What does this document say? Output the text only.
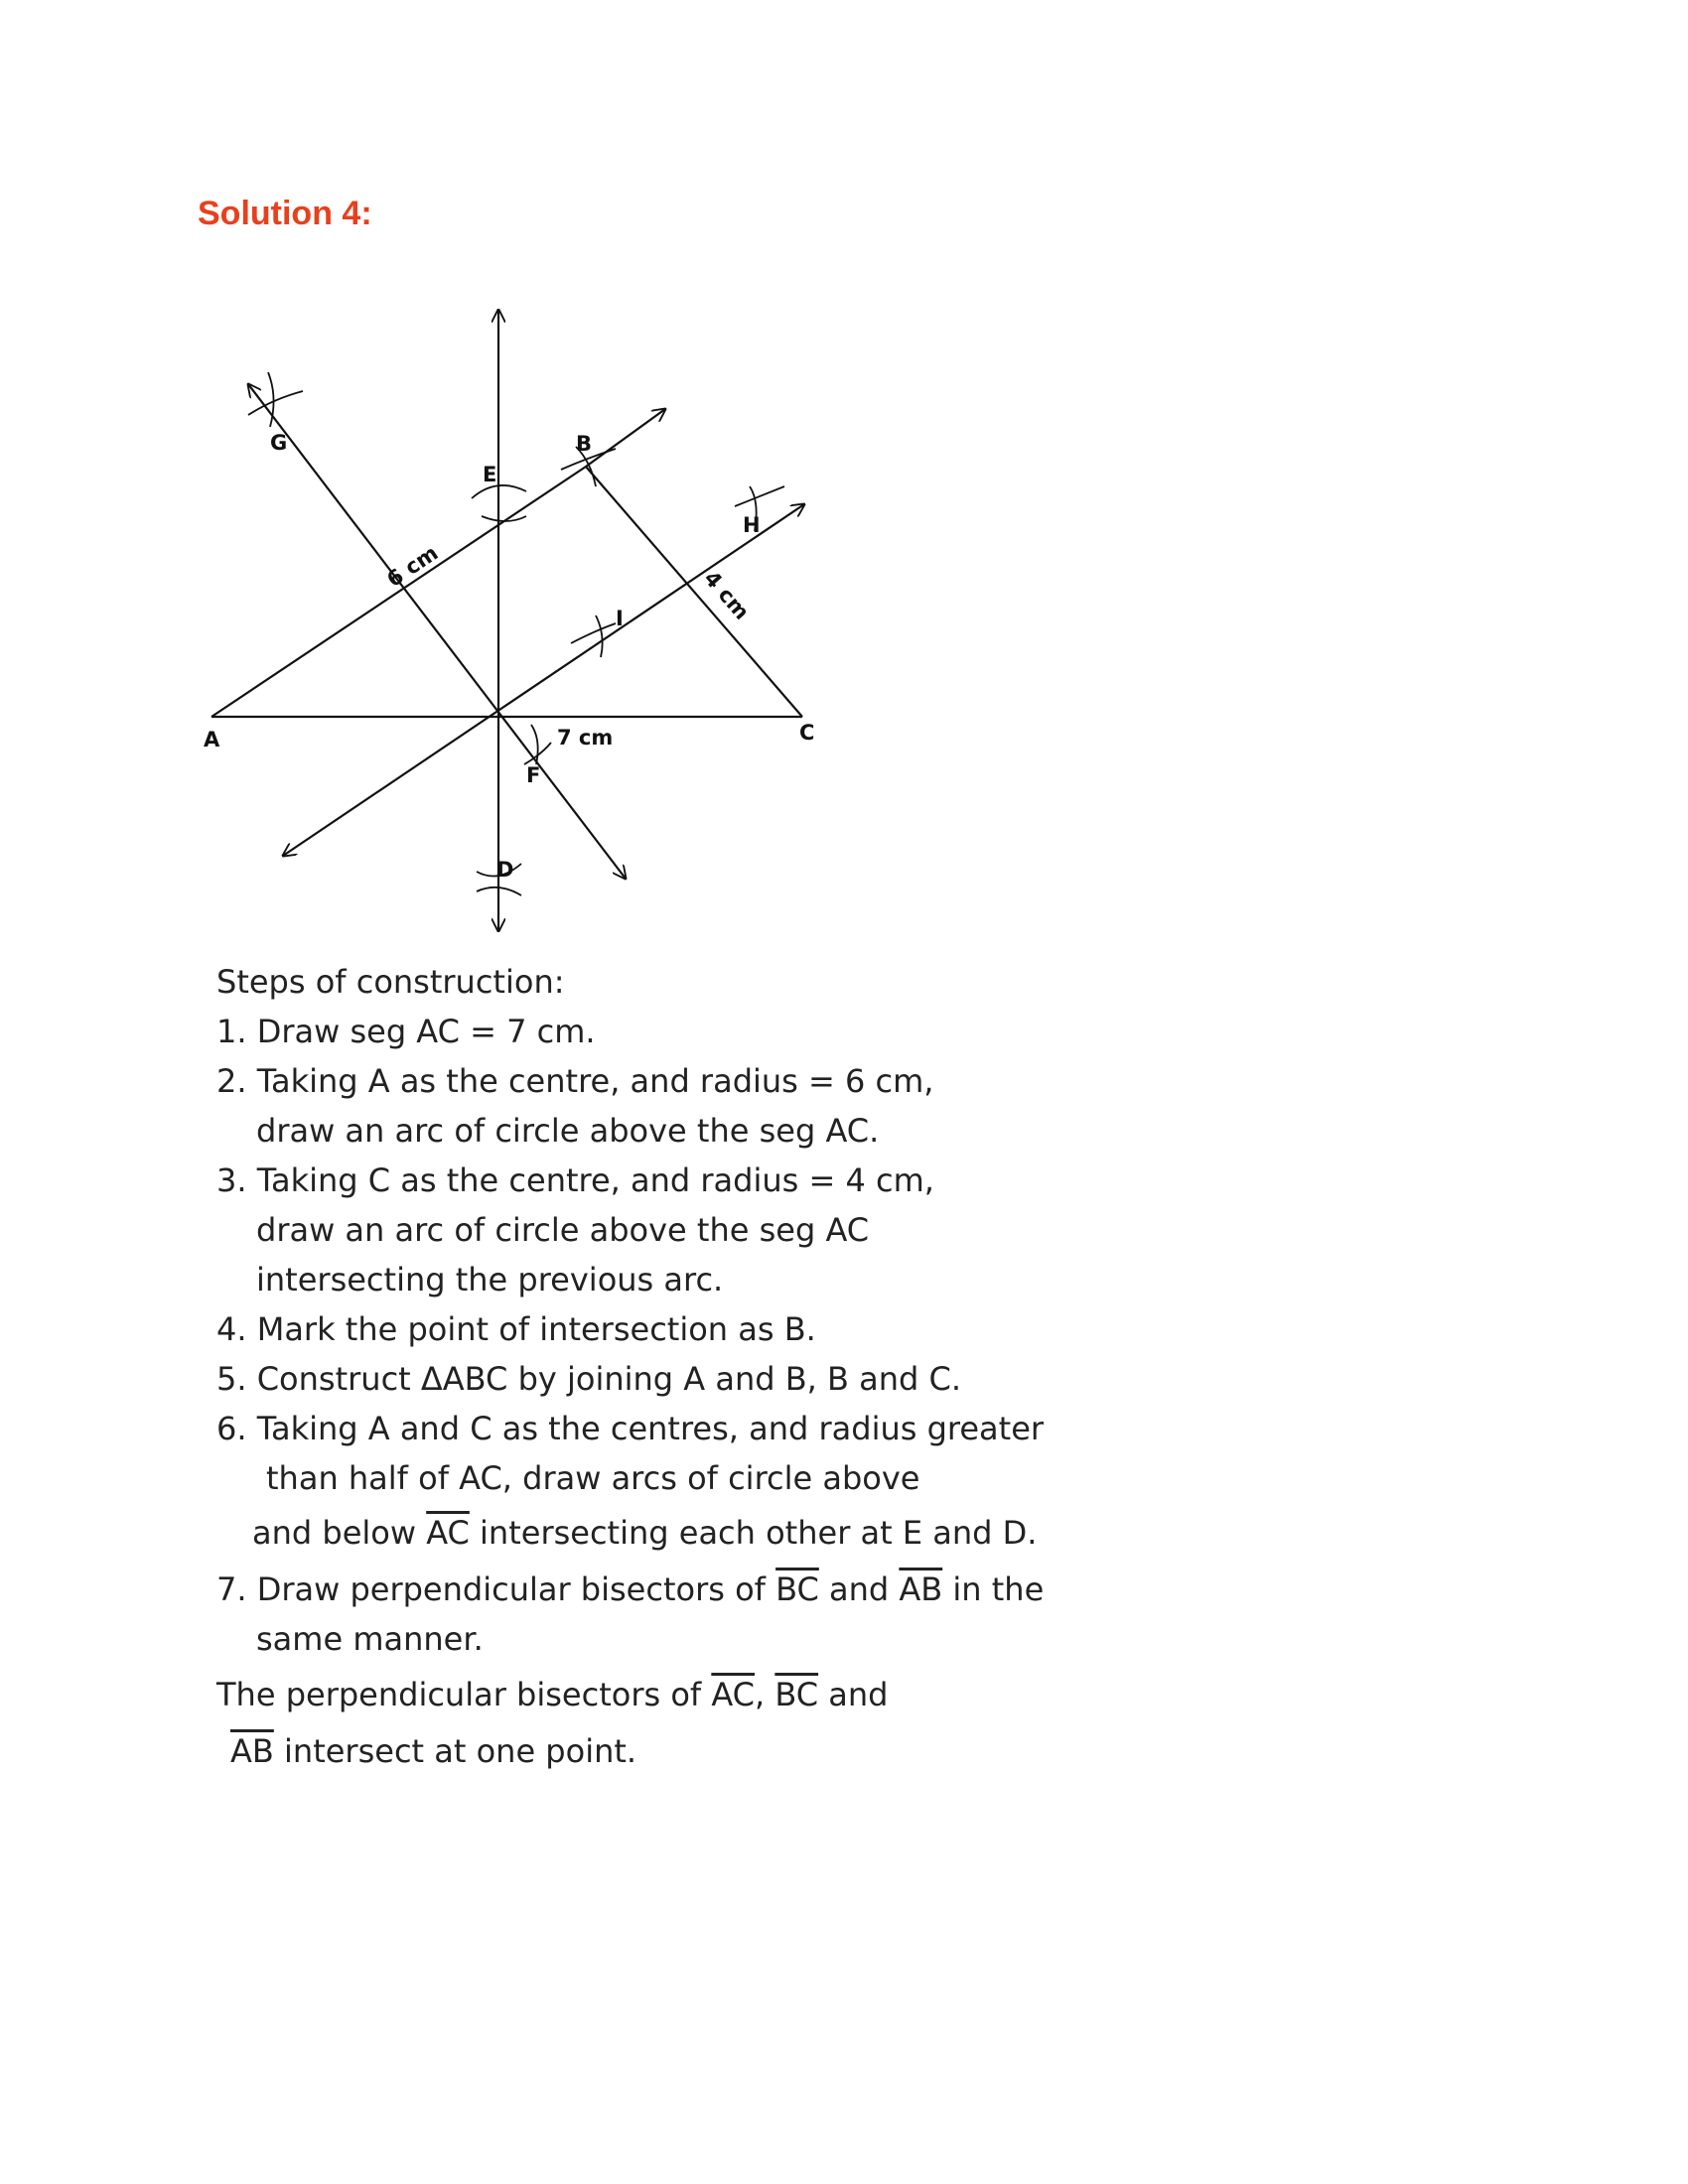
Solution 4:
A
B
C
D
E
F
G
H
I
6 cm
4 cm
7 cm
Steps of construction:
1. Draw seg AC = 7 cm.
2. Taking A as the centre, and radius = 6 cm,
draw an arc of circle above the seg AC.
3. Taking C as the centre, and radius = 4 cm,
draw an arc of circle above the seg AC
intersecting the previous arc.
4. Mark the point of intersection as B.
5. Construct ΔABC by joining A and B, B and C.
6. Taking A and C as the centres, and radius greater
than half of AC, draw arcs of circle above
and below $\overline{AC}$ intersecting each other at E and D.
7. Draw perpendicular bisectors of $\overline{BC}$ and $\overline{AB}$ in the
same manner.
The perpendicular bisectors of $\overline{AC}$, $\overline{BC}$ and
$\overline{AB}$ intersect at one point.
